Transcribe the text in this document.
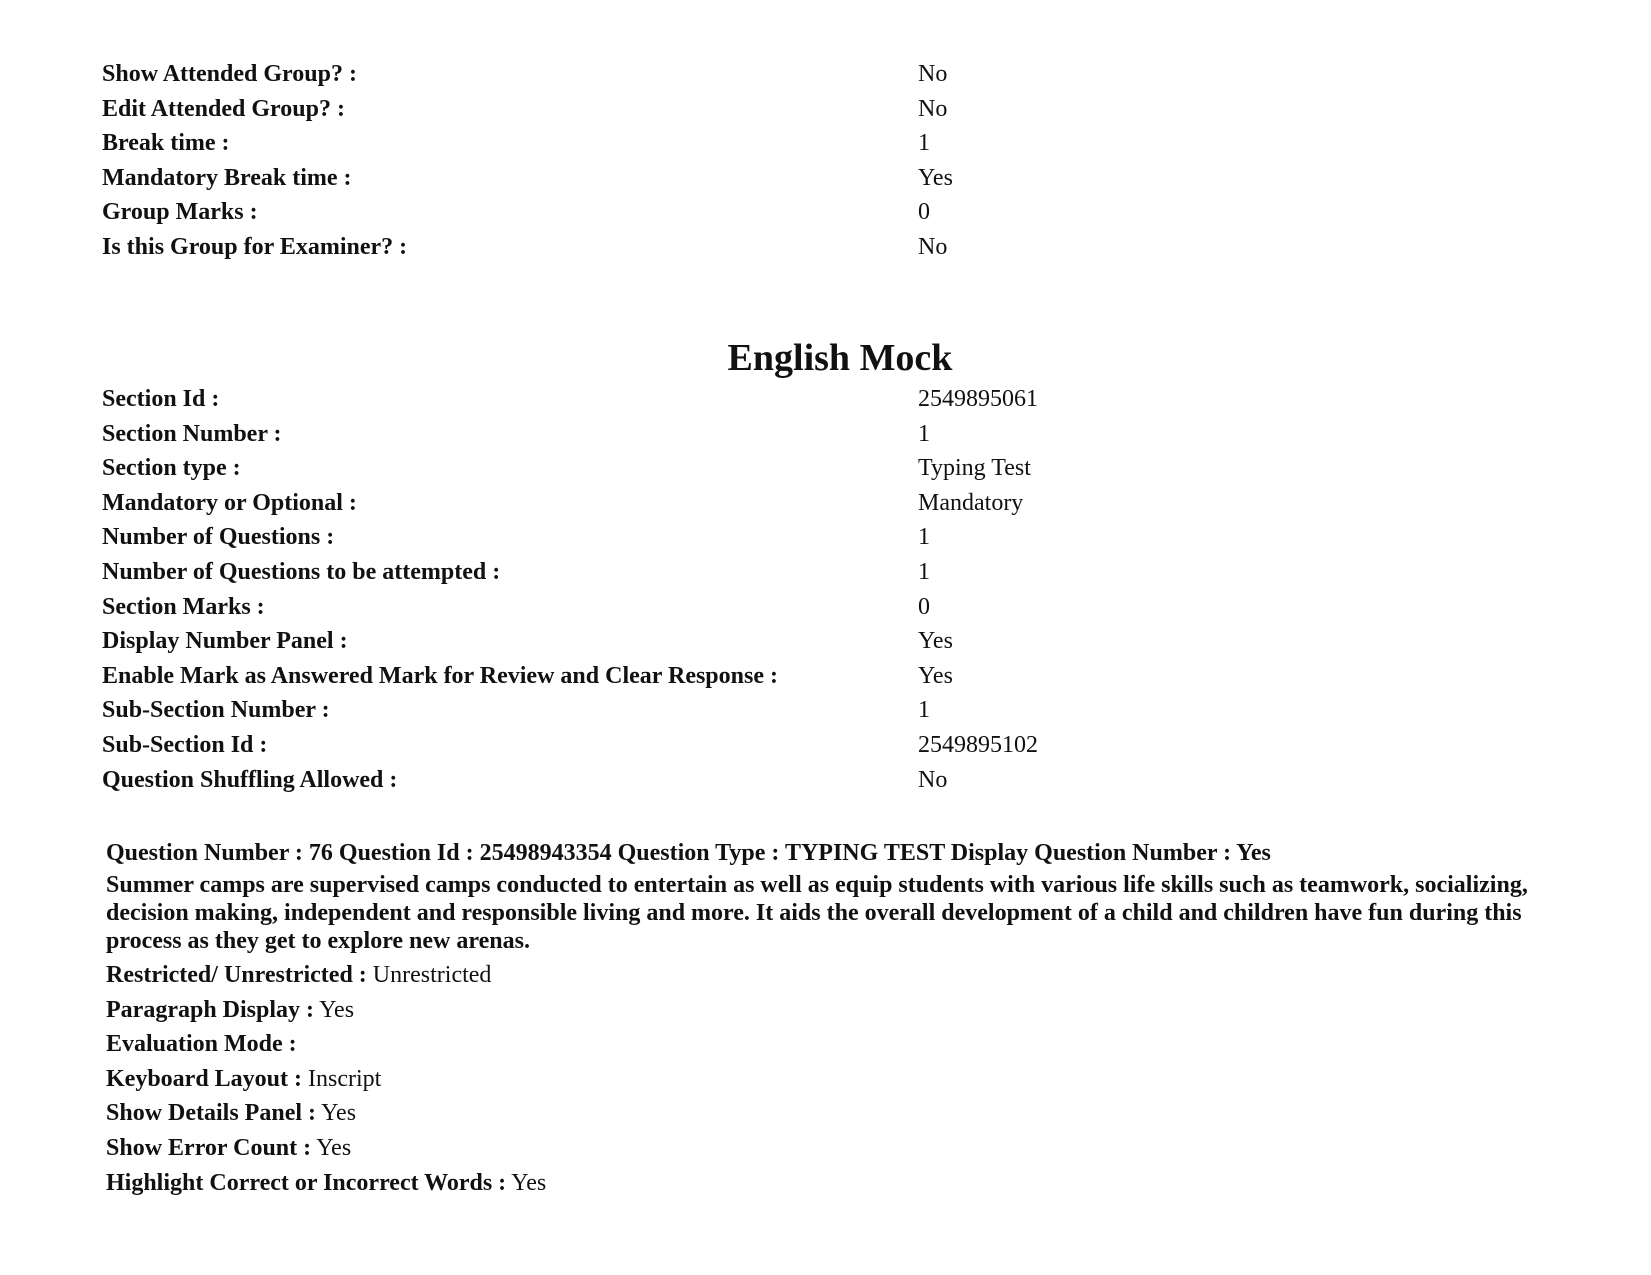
Show Attended Group? :	No
Edit Attended Group? :	No
Break time :	1
Mandatory Break time :	Yes
Group Marks :	0
Is this Group for Examiner? :	No
English Mock
Section Id :	2549895061
Section Number :	1
Section type :	Typing Test
Mandatory or Optional :	Mandatory
Number of Questions :	1
Number of Questions to be attempted :	1
Section Marks :	0
Display Number Panel :	Yes
Enable Mark as Answered Mark for Review and Clear Response :	Yes
Sub-Section Number :	1
Sub-Section Id :	2549895102
Question Shuffling Allowed :	No
Question Number : 76 Question Id : 25498943354 Question Type : TYPING TEST Display Question Number : Yes
Summer camps are supervised camps conducted to entertain as well as equip students with various life skills such as teamwork, socializing, decision making, independent and responsible living and more. It aids the overall development of a child and children have fun during this process as they get to explore new arenas.
Restricted/ Unrestricted : Unrestricted
Paragraph Display : Yes
Evaluation Mode :
Keyboard Layout : Inscript
Show Details Panel : Yes
Show Error Count : Yes
Highlight Correct or Incorrect Words : Yes
